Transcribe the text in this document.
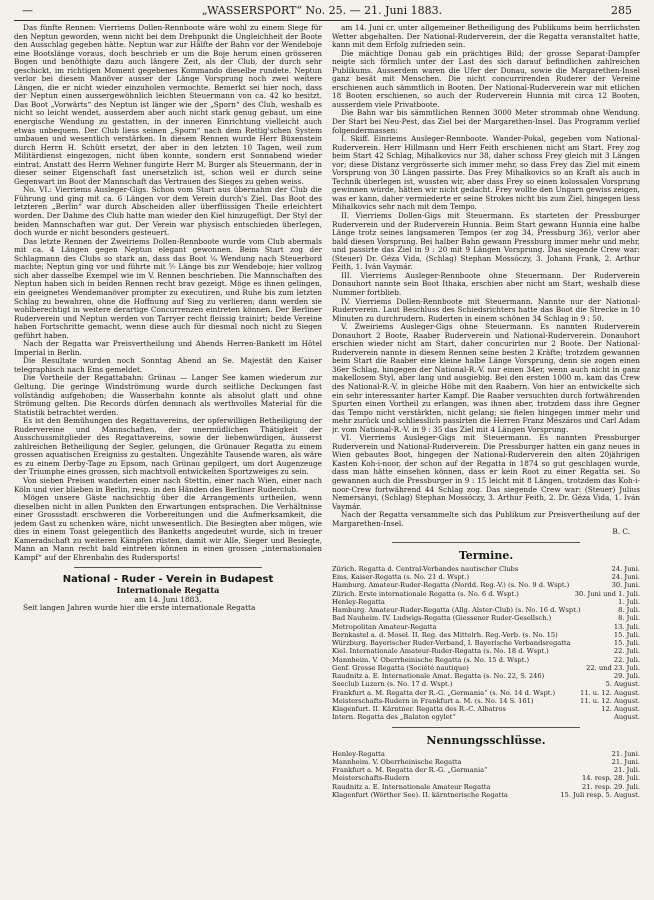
—	„WASSERSPORT“ No. 25. — 21. Juni 1883.	285

Das fünfte Rennen: Vierriems Dollen-Rennboote wäre wohl zu einem Siege für den Neptun geworden, wenn nicht bei dem Drehpunkt die Ungleichheit der Boote den Ausschlag gegeben hätte. Neptun war zur Hälfte der Bahn vor der Wendeboje eine Bootslänge voraus, doch beschrieb er um die Boje herum einen grösseren Bogen und benöthigte dazu auch längere Zeit, als der Club, der durch sehr geschickt, im richtigen Moment gegebenes Kommando dieselbe rundete. Neptun verlor bei diesem Manöver ausser der Länge Vorsprung noch zwei weitere Längen, die er nicht wieder einzuholen vermochte. Bemerkt sei hier noch, dass der Neptun einen aussergewöhnlich leichten Steuermann von ca. 42 ko besitzt. Das Boot „Vorwärts“ des Neptun ist länger wie der „Sporn“ des Club, weshalb es nicht so leicht wendet, ausserdem aber auch nicht stark genug gebaut, um eine energische Wendung zu gestatten, in der inneren Einrichtung vielleicht auch etwas unbequem. Der Club liess seinen „Sporn“ nach dem Rettig'schen System umbauen und wesentlich verstärken. In diesem Rennen wurde Herr Büxenstein durch Herrn H. Schütt ersetzt, der aber in den letzten 10 Tagen, weil zum Militärdienst eingezogen, nicht üben konnte, sondern erst Sonnabend wieder eintrat. Anstatt des Herrn Wehner fungirte Herr M. Burger als Steuermann, der in dieser seiner Eigenschaft fast unersetzlich ist, schon weil er durch seine Gegenwart im Boot der Mannschaft das Vertrauen des Sieges zu geben weiss.

No. VI.: Vierriems Ausleger-Gigs. Schon vom Start aus übernahm der Club die Führung und ging mit ca. 6 Längen vor dem Verein durch's Ziel. Das Boot des letzteren „Berlin“ war durch Abscheiden aller überflüssigen Theile erleichtert worden. Der Dahme des Club hatte man wieder den Kiel hinzugefügt. Der Styl der beiden Mannschaften war gut. Der Verein war physisch entschieden überlegen, doch wurde er nicht besonders gesteuert.

Das letzte Rennen der Zweiriems Dollen-Rennboote wurde vom Club abermals mit ca. 4 Längen gegen Neptun elegant gewonnen. Beim Start zog der Schlagmann des Clubs so stark an, dass das Boot ¹⁄₈ Wendung nach Steuerbord machte; Neptun ging vor und führte mit ⁵⁄₇ Länge bis zur Wendeboje; hier vollzog sich aber dasselbe Exempel wie im V. Rennen beschrieben. Die Mannschaften des Neptun haben sich in beiden Rennen recht brav gezeigt. Möge es ihnen gelingen, ein geeignetes Wendemanöver prompter zu executiren, und Ruhe bis zum letzten Schlag zu bewahren, ohne die Hoffnung auf Sieg zu verlieren; dann werden sie wohlberechtigt in weitere derartige Concurrenzen eintreten können. Der Berliner Ruderverein und Neptun werden von Tarryer recht fleissig trainirt; beide Vereine haben Fortschritte gemacht, wenn diese auch für diesmal noch nicht zu Siegen geführt haben.

Nach der Regatta war Preisvertheilung und Abends Herren-Bankett im Hôtel Imperial in Berlin.

Die Resultate wurden noch Sonntag Abend an Se. Majestät den Kaiser telegraphisch nach Ems gemeldet.

Die Vortheile der Regattabahn: Grünau — Langer See kamen wiederum zur Geltung. Die geringe Windströmung wurde durch seitliche Deckungen fast vollständig aufgehoben; die Wasserbahn konnte als absolut glatt und ohne Strömung gelten. Die Records dürfen demnach als werthvolles Material für die Statistik betrachtet werden.

Es ist den Bemühungen des Regattavereins, der opferwilligen Betheiligung der Rudervereine und Mannschaften, der unermüdlichen Thätigkeit der Ausschussmitglieder des Regattavereins, sowie der liebenwürdigen, äusserst zahlreichen Betheiligung der Segler, gelungen, die Grünauer Regatta zu einem grossen aquatischen Ereigniss zu gestalten. Ungezählte Tausende waren, als wäre es zu einem Derby-Tage zu Epsom, nach Grünau gepilgert, um dort Augenzeuge der Triumphe eines grossen, sich machtvoll entwickelten Sportzweiges zu sein.

Von sieben Preisen wanderten einer nach Stettin, einer nach Wien, einer nach Köln und vier blieben in Berlin, resp. in den Händen des Berliner Ruderclub.

Mögen unsere Gäste nachsichtig über die Arrangements urtheilen, wenn dieselben nicht in allen Punkten den Erwartungen entsprachen. Die Verhältnisse einer Grossstadt erschweren die Vorbereitungen und die Aufmerksamkeit, die jedem Gast zu schenken wäre, nicht unwesentlich. Die Besiegten aber mögen, wie dies in einem Toast gelegentlich des Banketts angedeutet wurde, sich in treuer Kameradschaft zu weiteren Kämpfen rüsten, damit wir Alle, Sieger und Besiegte, Mann an Mann recht bald eintreten können in einen grossen „internationalen Kampf“ auf der Ehrenbahn des Rudersports!

National - Ruder - Verein in Budapest
Internationale Regatta
am 14. Juni 1883.

Seit langen Jahren wurde hier die erste internationale Regatta

am 14. Juni cr. unter allgemeiner Betheiligung des Publikums beim herrlichsten Wetter abgehalten. Der National-Ruderverein, der die Regatta veranstaltet hatte, kann mit dem Erfolg zufrieden sein.

Die mächtige Donau gab ein prächtiges Bild; der grosse Separat-Dampfer neigte sich förmlich unter der Last des sich darauf befindlichen zahlreichen Publikums. Ausserdem waren die Ufer der Donau, sowie die Margarethen-Insel ganz besät mit Menschen. Die nicht concurrirenden Ruderer der Vereine erschienen auch sämmtlich in Booten. Der National-Ruderverein war mit etlichen 18 Booten erschienen, so auch der Ruderverein Hunnia mit circa 12 Booten, ausserdem viele Privatboote.

Die Bahn war bis sämmtlichen Rennen 3000 Meter strommab ohne Wendung. Der Start bei Neu-Pest, das Ziel bei der Margarethen-Insel. Das Programm verlief folgendermassen:

I. Skiff. Einriems Ausleger-Rennboote. Wander-Pokal, gegeben vom National-Ruderverein. Herr Hillmann und Herr Feith erschienen nicht am Start. Frey zog beim Start 42 Schlag, Mihalkovics nur 38, daher schoss Frey gleich mit 3 Längen vor; diese Distanz vergrösserte sich immer mehr, so dass Frey das Ziel mit einem Vorsprung von 30 Längen passirte. Das Frey Mihalkovics so an Kraft als auch in Technik überlegen ist, wussten wir, aber dass Frey so einen kolossalen Vorsprung gewinnen würde, hätten wir nicht gedacht. Frey wollte den Ungarn gewiss zeigen, was er kann, daher vermiederte er seine Strokes nicht bis zum Ziel, hingegen liess Mihalkovics sehr nach mit dem Tempo.

II. Vierriems Dollen-Gigs mit Steuermann. Es starteten der Pressburger Ruderverein und der Ruderverein Hunnia. Beim Start gewann Hunnia eine halbe Länge trotz seines langsameren Tempos (er zog 34, Pressburg 36), verlor aber bald diesen Vorsprung. Bei halber Bahn gewann Pressburg immer mehr und mehr, und passirte das Ziel in 9 : 20 mit 9 Längen Vorsprung. Das siegende Crew war: (Steuer) Dr. Géza Vida, (Schlag) Stephan Mossóczy, 3. Johann Frank, 2. Arthur Feith, 1. Iván Vaymár.

III. Vierriems Ausleger-Rennboote ohne Steuermann. Der Ruderverein Donauhort nannte sein Boot Ithaka, erschien aber nicht am Start, weshalb diese Nummer fortblieb.

IV. Vierriems Dollen-Rennboote mit Steuermann. Nannte nur der National-Ruderverein. Laut Beschluss des Schiedsrichters hatte das Boot die Strecke in 10 Minuten zu durchrudern. Ruderten in einem schönen 34 Schlag in 9 : 50.

V. Zweiriems Ausleger-Gigs ohne Steuermann. Es nannten Ruderverein Donauhort 2 Boote, Raaber Ruderverein und National-Ruderverein. Donauhort erschien wieder nicht am Start, daher concurirten nur 2 Boote. Der National-Ruderverein nannte in diesem Rennen seine besten 2 Kräfte; trotzdem gewannen beim Start die Raaber eine kleine halbe Länge Vorsprung, denn sie zogen einen 36er Schlag, hingegen der National-R.-V. nur einen 34er, wenn auch nicht in ganz makellosem Styl, aber lang und ausgiebig. Bei den ersten 1000 m. kam das Crew des National-R.-V. in gleiche Höhe mit den Raabern. Von hier an entwickelte sich ein sehr interessanter harter Kampf. Die Raaber versuchten durch fortwährenden Spurten einen Vortheil zu erlangen, was ihnen aber, trotzdem dass ihre Gegner das Tempo nicht verstärkten, nicht gelang; sie fielen hingegen immer mehr und mehr zurück und schliesslich passirten die Herren Franz Mészáros und Carl Adam jr. vom National-R.-V. in 9 : 35 das Ziel mit 4 Längen Vorsprung.

VI. Vierriems Ausleger-Gigs mit Steuermann. Es nannten Pressburger Ruderverein und National-Ruderverein. Die Pressburger hatten ein ganz neues in Wien gebautes Boot, hingegen der National-Ruderverein den alten 20jährigen Kasten Koh-i-noor, der schon auf der Regatta in 1874 so gut geschlagen wurde, dass man hätte einsehen können, dass er kein Root zu einer Regatta sei. So gewannen auch die Pressburger in 9 : 15 leicht mit 8 Längen, trotzdem das Koh-i-noor-Crew fortwährend 44 Schlag zog. Das siegende Crew war: (Steuer) Julius Nemersányi, (Schlag) Stephan Mossóczy, 3. Arthur Feith, 2. Dr. Géza Vida, 1. Iván Vaymár.

Nach der Regatta versammelte sich das Publikum zur Preisvertheilung auf der Margarethen-Insel.

B. C.
Termine.
Zürich. Regatta d. Central-Verbandes nautischer Clubs	24. Juni.
Ems. Kaiser-Regatta (s. No. 21 d. Wspt.)	24. Juni.
Hamburg. Amateur-Ruder-Regatta (Nordd. Reg.-V.) (s. No. 9 d. Wspt.)	30. Juni.
Zürich. Erste internationale Regatta (s. No. 6 d. Wspt.)	30. Juni und 1. Juli.
Henley-Regatta	1. Juli.
Hamburg. Amateur-Ruder-Regatta (Allg. Alster-Club) (s. No. 16 d. Wspt.)	8. Juli.
Bad Nauheim. IV. Ludwigs-Regatta (Giessener Ruder-Gesellsch.)	8. Juli.
Metropolitan Amateur-Regatta	13. Juli.
Bernkastel a. d. Mosel. II. Reg. des Mittelrh. Reg.-Verb. (s. No. 15)	15. Juli.
Würzburg. Bayerischer Ruder-Verband, I. Bayerische Verbandsregatta	15. Juli.
Kiel. Internationale Amateur-Ruder-Regatta (s. No. 18 d. Wspt.)	22. Juli.
Mannheim. V. Oberrheinische Regatta (s. No. 15 d. Wspt.)	22. Juli.
Genf. Grosse Regatta (Société nautique)	22. und 23. Juli.
Raudnitz a. E. Internationale Amat. Regatta (s. No. 22, S. 246)	29. Juli.
Seeclub Luzern (s. No. 17 d. Wspt.)	5. August.
Frankfurt a. M. Regatta der R.-G. „Germania“ (s. No. 14 d. Wspt.)	11. u. 12. August.
Meisterschafts-Rudern in Frankfurt a. M. (s. No. 14 S. 161)	11. u. 12. August.
Klagenfurt. II. Kärntner. Regatta des R.-C. Albatros	12. August.
Intern. Regatta des „Balaton egylet“	August.
Nennungsschlüsse.
Henley-Regatta	21. Juni.
Mannheim. V. Oberrheinische Regatta	21. Juni.
Frankfurt a. M. Regatta der R.-G. „Germania“	21. Juli.
Meisterschafts-Rudern	14. resp. 28. Juli.
Raudnitz a. E. Internationale Amateur Regatta	21. resp. 29. Juli.
Klagenfurt (Wörther See). II. kärntnerische Regatta	15. Juli resp. 5. August.
